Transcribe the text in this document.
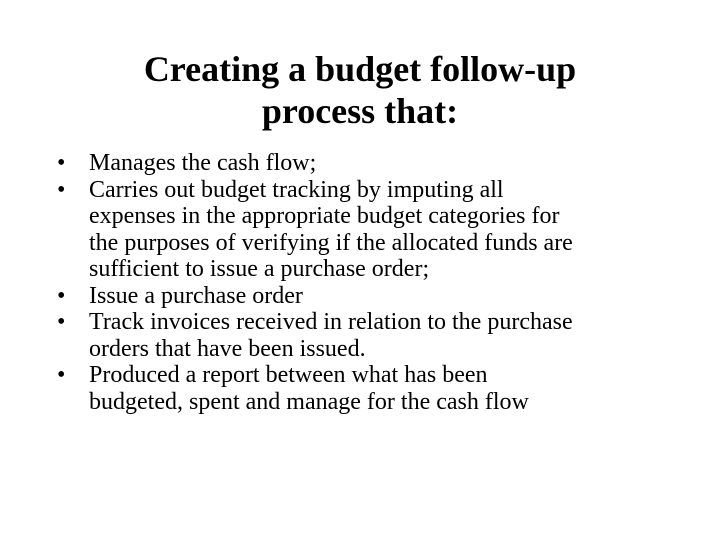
Creating a budget follow-up
process that:
• Manages the cash flow;
• Carries out budget tracking by imputing all
expenses in the appropriate budget categories for
the purposes of verifying if the allocated funds are
sufficient to issue a purchase order;
• Issue a purchase order
• Track invoices received in relation to the purchase
orders that have been issued.
• Produced a report between what has been
budgeted, spent and manage for the cash flow
